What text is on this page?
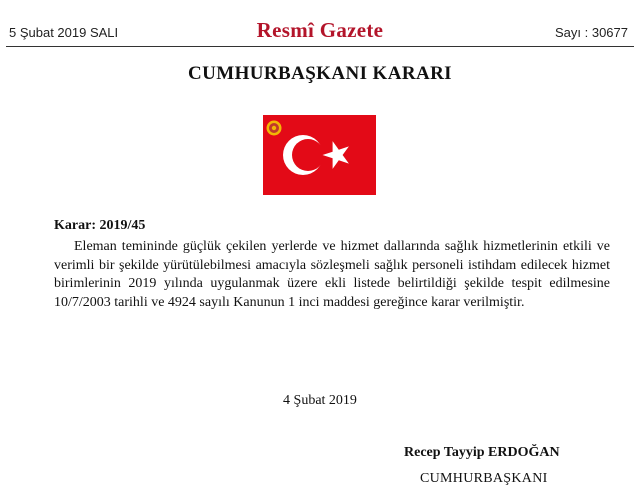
5 Şubat 2019 SALI	Resmî Gazete	Sayı : 30677
CUMHURBAŞKANI KARARI
Karar: 2019/45
Eleman temininde güçlük çekilen yerlerde ve hizmet dallarında sağlık hizmetlerinin etkili ve verimli bir şekilde yürütülebilmesi amacıyla sözleşmeli sağlık personeli istihdam edilecek hizmet birimlerinin 2019 yılında uygulanmak üzere ekli listede belirtildiği şekilde tespit edilmesine 10/7/2003 tarihli ve 4924 sayılı Kanunun 1 inci maddesi gereğince karar verilmiştir.
4 Şubat 2019
Recep Tayyip ERDOĞAN
CUMHURBAŞKANI
